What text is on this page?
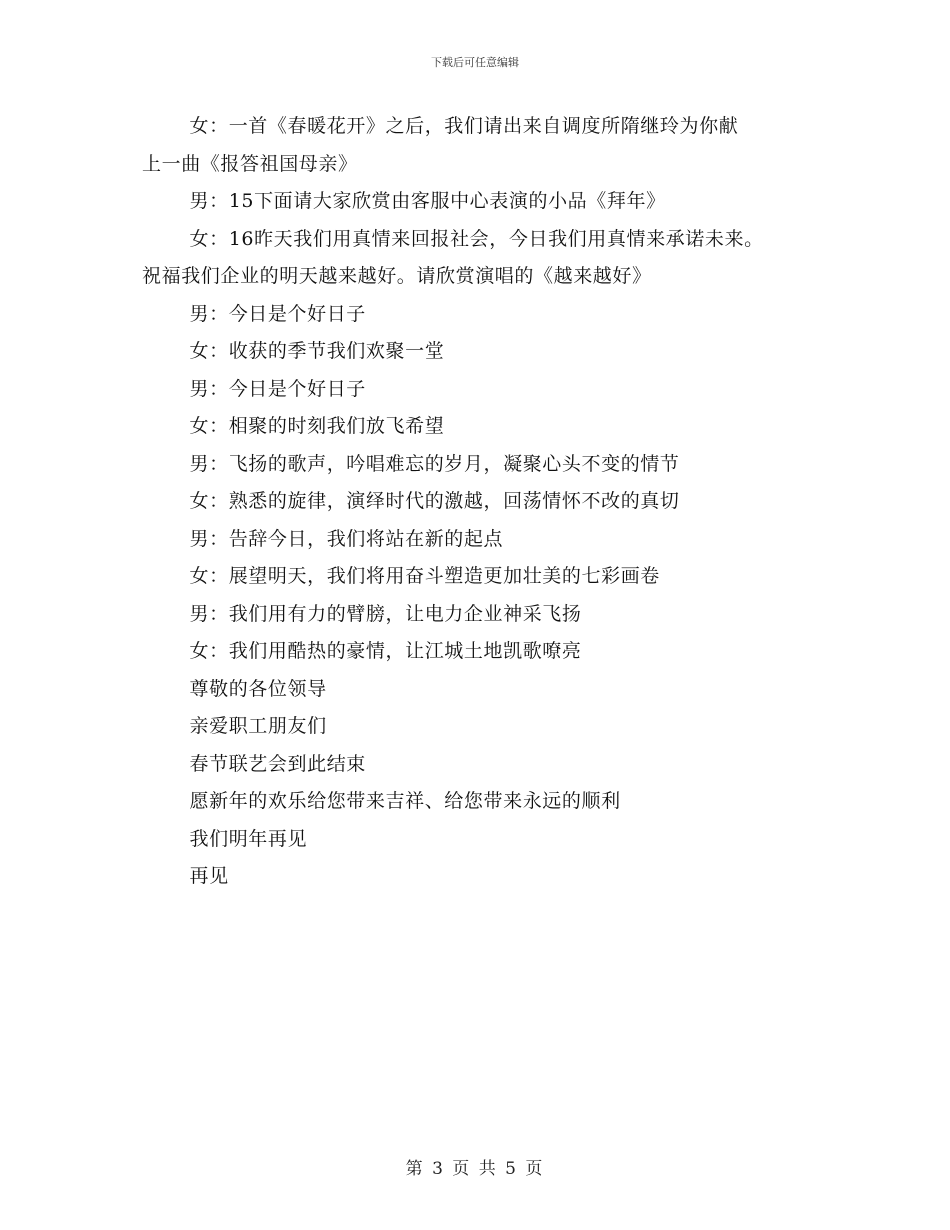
下载后可任意编辑

女：一首《春暖花开》之后，我们请出来自调度所隋继玲为你献
上一曲《报答祖国母亲》

男：15下面请大家欣赏由客服中心表演的小品《拜年》

女：16昨天我们用真情来回报社会，今日我们用真情来承诺未来。
祝福我们企业的明天越来越好。请欣赏演唱的《越来越好》

男：今日是个好日子

女：收获的季节我们欢聚一堂

男：今日是个好日子

女：相聚的时刻我们放飞希望

男：飞扬的歌声，吟唱难忘的岁月，凝聚心头不变的情节

女：熟悉的旋律，演绎时代的激越，回荡情怀不改的真切

男：告辞今日，我们将站在新的起点

女：展望明天，我们将用奋斗塑造更加壮美的七彩画卷

男：我们用有力的臂膀，让电力企业神采飞扬

女：我们用酷热的豪情，让江城土地凯歌嘹亮

尊敬的各位领导

亲爱职工朋友们

春节联艺会到此结束

愿新年的欢乐给您带来吉祥、给您带来永远的顺利

我们明年再见

再见

第 3 页 共 5 页
